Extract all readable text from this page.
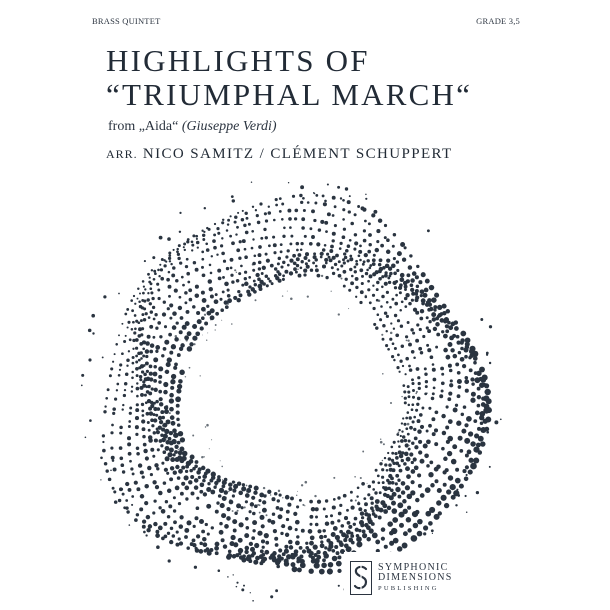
BRASS QUINTET	GRADE 3,5
HIGHLIGHTS OF
“TRIUMPHAL MARCH“
from „Aida“ (Giuseppe Verdi)
ARR. NICO SAMITZ / CLÉMENT SCHUPPERT
SYMPHONIC
DIMENSIONS
PUBLISHING
